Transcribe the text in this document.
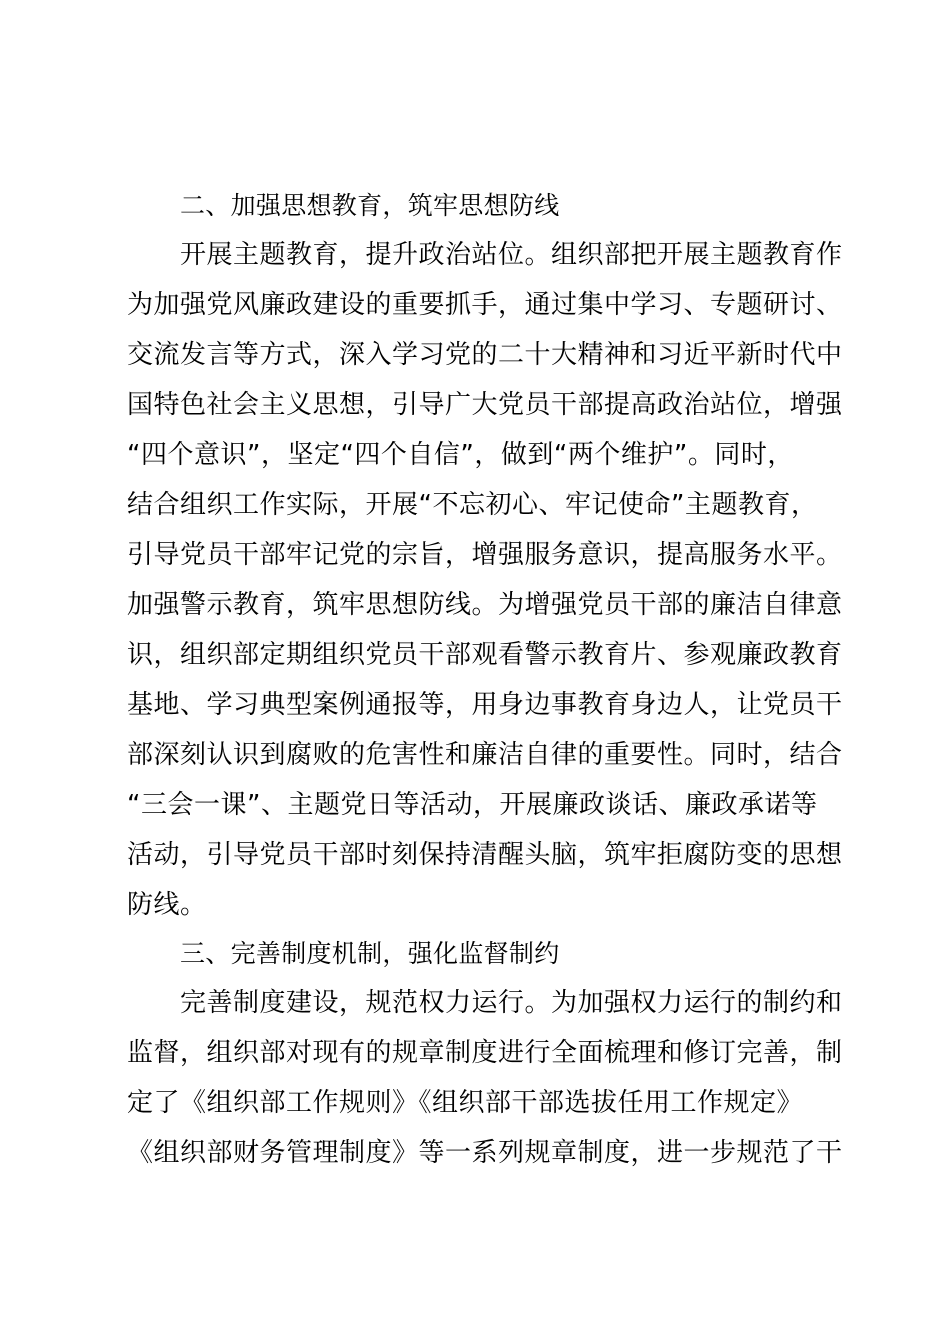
二、加强思想教育，筑牢思想防线
开展主题教育，提升政治站位。组织部把开展主题教育作
为加强党风廉政建设的重要抓手，通过集中学习、专题研讨、
交流发言等方式，深入学习党的二十大精神和习近平新时代中
国特色社会主义思想，引导广大党员干部提高政治站位，增强
“四个意识”，坚定“四个自信”，做到“两个维护”。同时，
结合组织工作实际，开展“不忘初心、牢记使命”主题教育，
引导党员干部牢记党的宗旨，增强服务意识，提高服务水平。
加强警示教育，筑牢思想防线。为增强党员干部的廉洁自律意
识，组织部定期组织党员干部观看警示教育片、参观廉政教育
基地、学习典型案例通报等，用身边事教育身边人，让党员干
部深刻认识到腐败的危害性和廉洁自律的重要性。同时，结合
“三会一课”、主题党日等活动，开展廉政谈话、廉政承诺等
活动，引导党员干部时刻保持清醒头脑，筑牢拒腐防变的思想
防线。
三、完善制度机制，强化监督制约
完善制度建设，规范权力运行。为加强权力运行的制约和
监督，组织部对现有的规章制度进行全面梳理和修订完善，制
定了《组织部工作规则》《组织部干部选拔任用工作规定》
《组织部财务管理制度》等一系列规章制度，进一步规范了干
